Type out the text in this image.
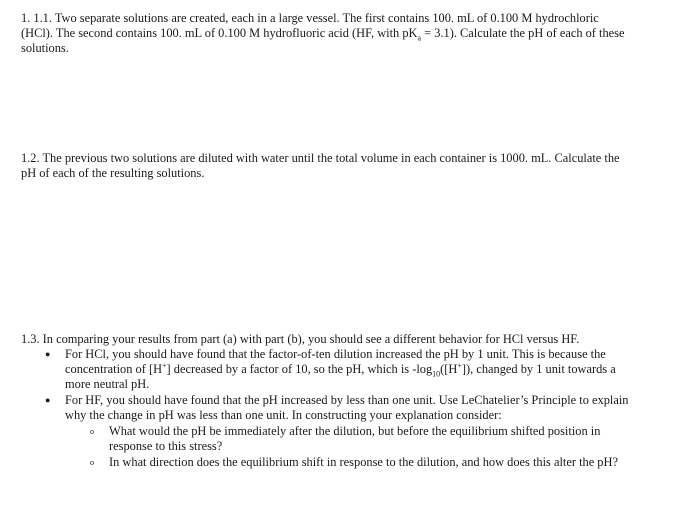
1. 1.1. Two separate solutions are created, each in a large vessel. The first contains 100. mL of 0.100 M hydrochloric
(HCl). The second contains 100. mL of 0.100 M hydrofluoric acid (HF, with $pK_a = 3.1$). Calculate the pH of each of these
solutions.
1.2. The previous two solutions are diluted with water until the total volume in each container is 1000. mL. Calculate the
pH of each of the resulting solutions.
1.3. In comparing your results from part (a) with part (b), you should see a different behavior for HCl versus HF.
● For HCl, you should have found that the factor-of-ten dilution increased the pH by 1 unit. This is because the
concentration of [H+] decreased by a factor of 10, so the pH, which is $-\log_{10}([H^+])$, changed by 1 unit towards a
more neutral pH.
● For HF, you should have found that the pH increased by less than one unit. Use LeChatelier’s Principle to explain
why the change in pH was less than one unit. In constructing your explanation consider:
o What would the pH be immediately after the dilution, but before the equilibrium shifted position in
response to this stress?
o In what direction does the equilibrium shift in response to the dilution, and how does this alter the pH?
